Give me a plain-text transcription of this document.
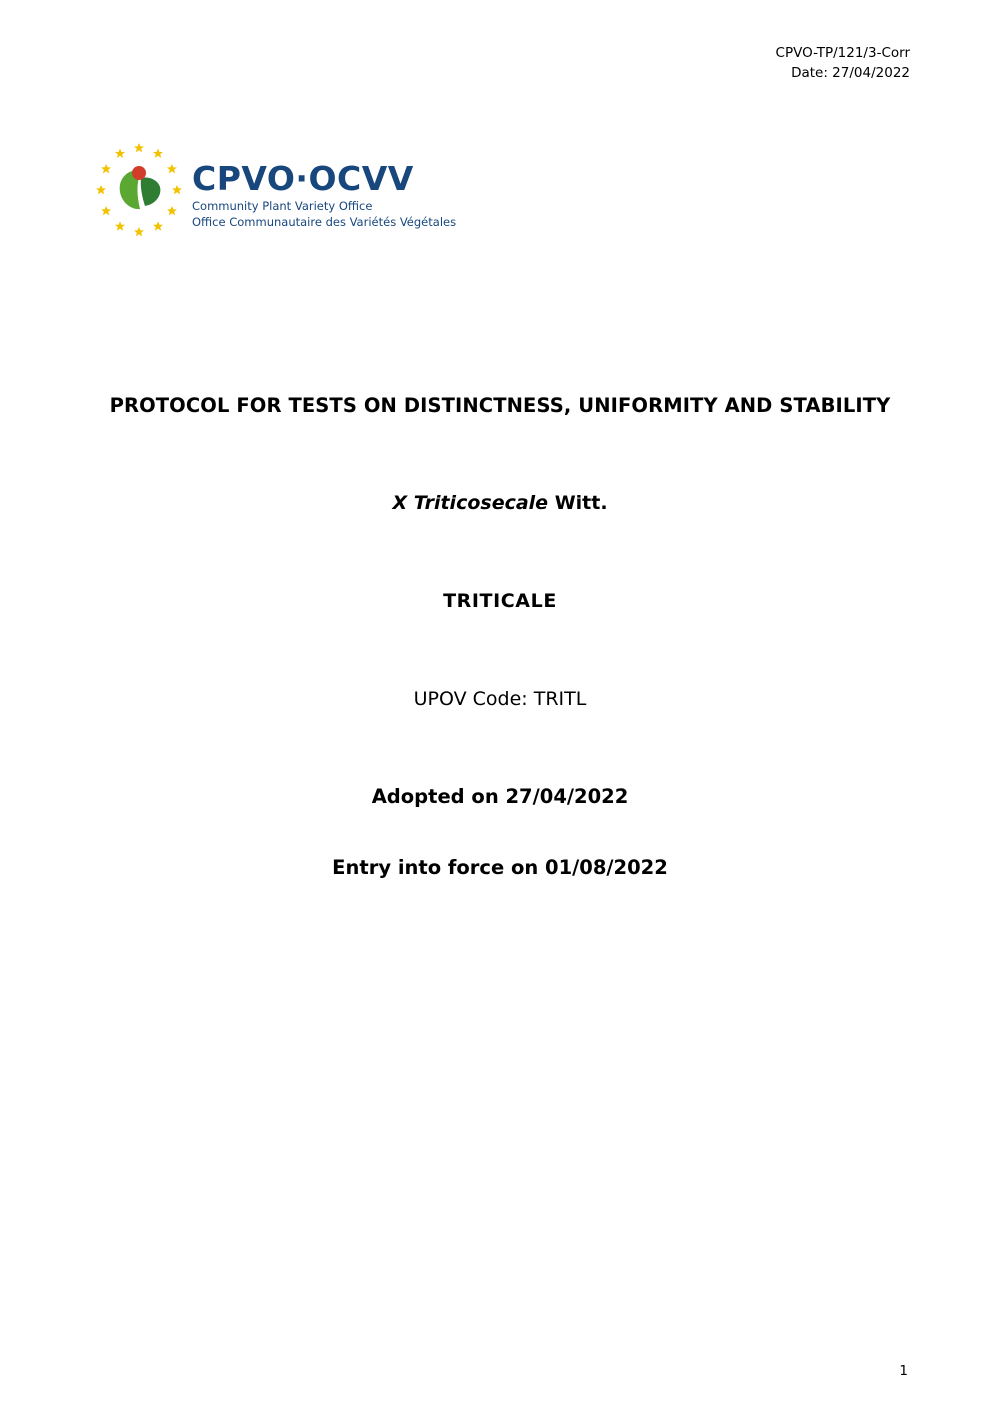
CPVO-TP/121/3-Corr
Date: 27/04/2022
CPVO·OCVV
Community Plant Variety Office
Office Communautaire des Variétés Végétales
PROTOCOL FOR TESTS ON DISTINCTNESS, UNIFORMITY AND STABILITY
X Triticosecale Witt.
TRITICALE
UPOV Code: TRITL
Adopted on 27/04/2022
Entry into force on 01/08/2022
1
